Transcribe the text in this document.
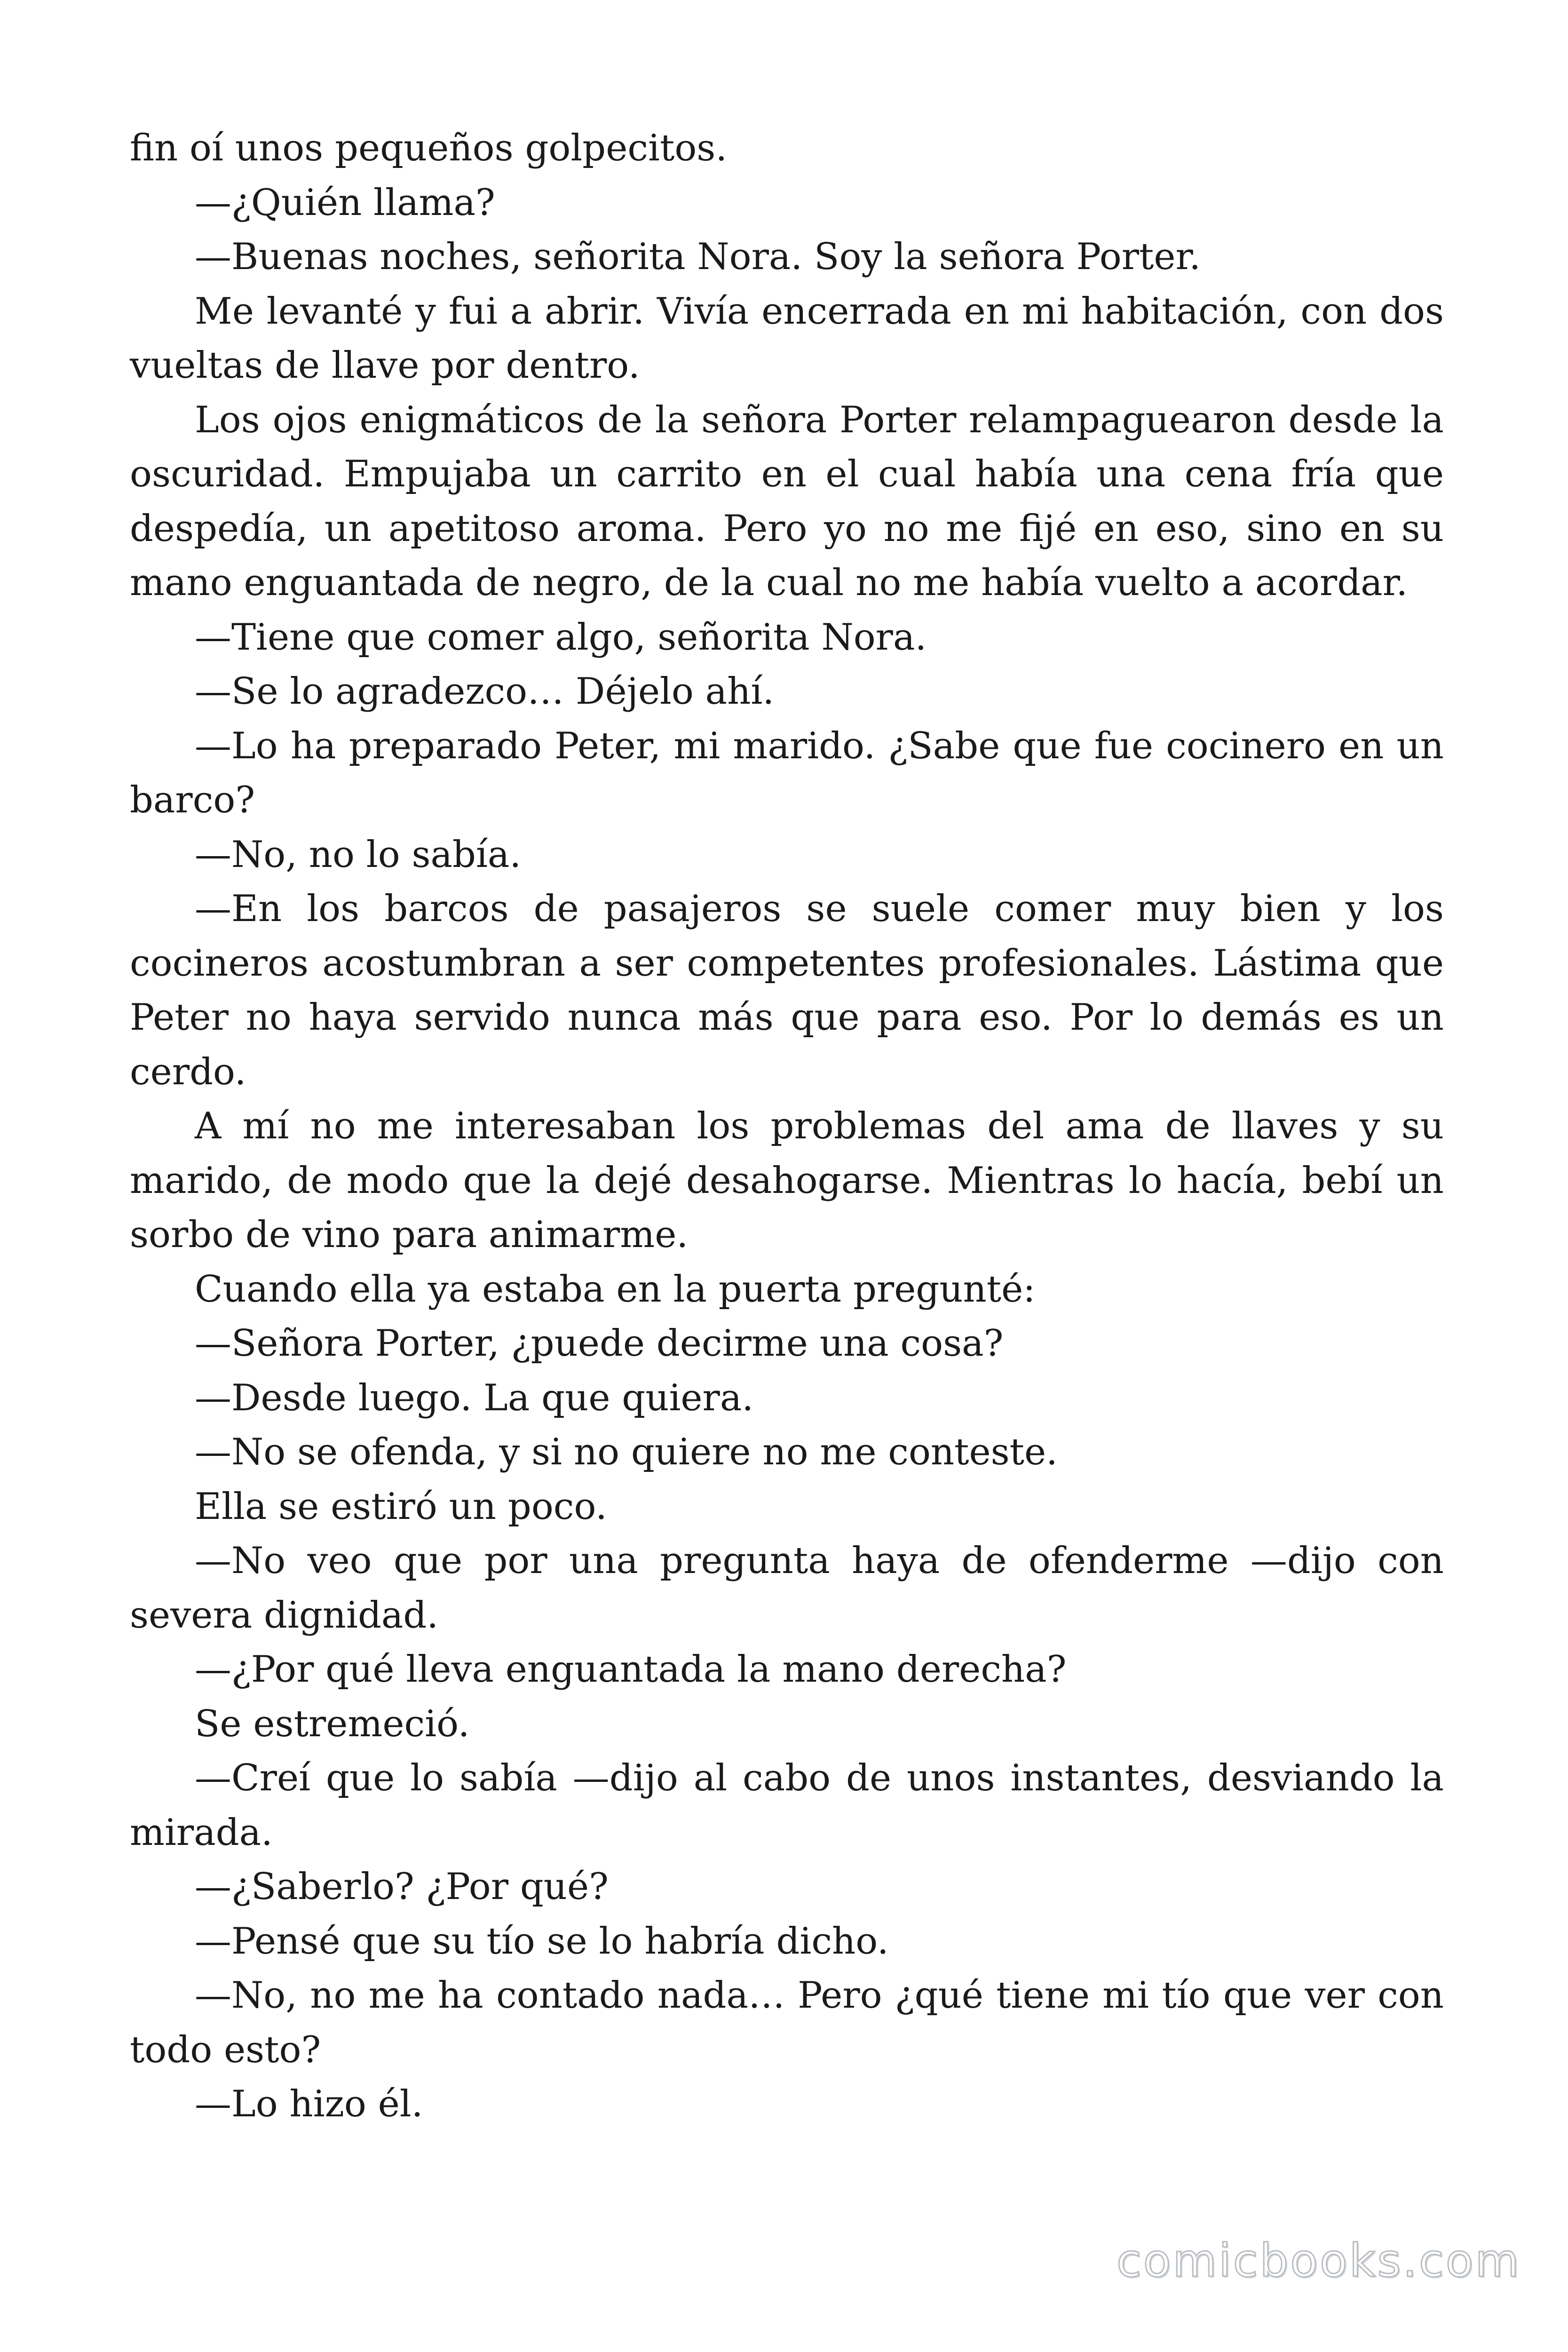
fin oí unos pequeños golpecitos.

—¿Quién llama?

—Buenas noches, señorita Nora. Soy la señora Porter.

Me levanté y fui a abrir. Vivía encerrada en mi habitación, con dos vueltas de llave por dentro.

Los ojos enigmáticos de la señora Porter relampaguearon desde la oscuridad. Empujaba un carrito en el cual había una cena fría que despedía, un apetitoso aroma. Pero yo no me fijé en eso, sino en su mano enguantada de negro, de la cual no me había vuelto a acordar.

—Tiene que comer algo, señorita Nora.

—Se lo agradezco… Déjelo ahí.

—Lo ha preparado Peter, mi marido. ¿Sabe que fue cocinero en un barco?

—No, no lo sabía.

—En los barcos de pasajeros se suele comer muy bien y los cocineros acostumbran a ser competentes profesionales. Lástima que Peter no haya servido nunca más que para eso. Por lo demás es un cerdo.

A mí no me interesaban los problemas del ama de llaves y su marido, de modo que la dejé desahogarse. Mientras lo hacía, bebí un sorbo de vino para animarme.

Cuando ella ya estaba en la puerta pregunté:

—Señora Porter, ¿puede decirme una cosa?

—Desde luego. La que quiera.

—No se ofenda, y si no quiere no me conteste.

Ella se estiró un poco.

—No veo que por una pregunta haya de ofenderme —dijo con severa dignidad.

—¿Por qué lleva enguantada la mano derecha?

Se estremeció.

—Creí que lo sabía —dijo al cabo de unos instantes, desviando la mirada.

—¿Saberlo? ¿Por qué?

—Pensé que su tío se lo habría dicho.

—No, no me ha contado nada… Pero ¿qué tiene mi tío que ver con todo esto?

—Lo hizo él.

comicbooks.com
